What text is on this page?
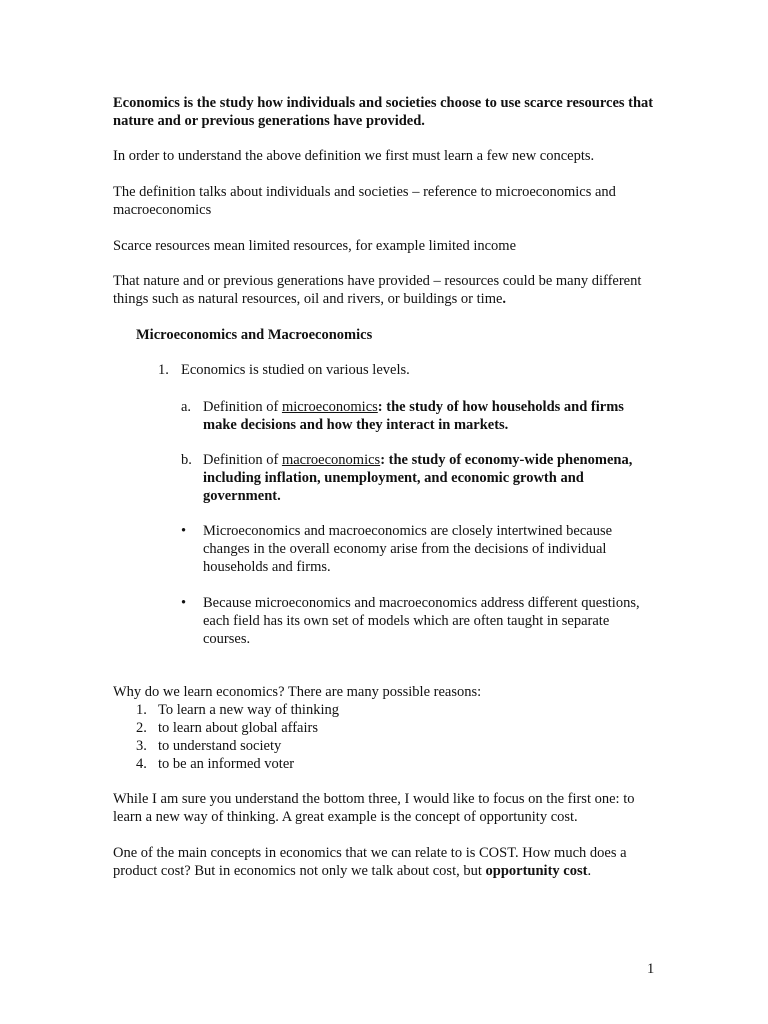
Economics is the study how individuals and societies choose to use scarce resources that nature and or previous generations have provided.

In order to understand the above definition we first must learn a few new concepts.

The definition talks about individuals and societies – reference to microeconomics and macroeconomics

Scarce resources mean limited resources, for example limited income

That nature and or previous generations have provided – resources could be many different things such as natural resources, oil and rivers, or buildings or time.

Microeconomics and Macroeconomics

1. Economics is studied on various levels.
a. Definition of microeconomics: the study of how households and firms make decisions and how they interact in markets.
b. Definition of macroeconomics: the study of economy-wide phenomena, including inflation, unemployment, and economic growth and government.
• Microeconomics and macroeconomics are closely intertwined because changes in the overall economy arise from the decisions of individual households and firms.
• Because microeconomics and macroeconomics address different questions, each field has its own set of models which are often taught in separate courses.

Why do we learn economics? There are many possible reasons:

1. To learn a new way of thinking
2. to learn about global affairs
3. to understand society
4. to be an informed voter

While I am sure you understand the bottom three, I would like to focus on the first one: to learn a new way of thinking. A great example is the concept of opportunity cost.

One of the main concepts in economics that we can relate to is COST. How much does a product cost? But in economics not only we talk about cost, but opportunity cost.

1
